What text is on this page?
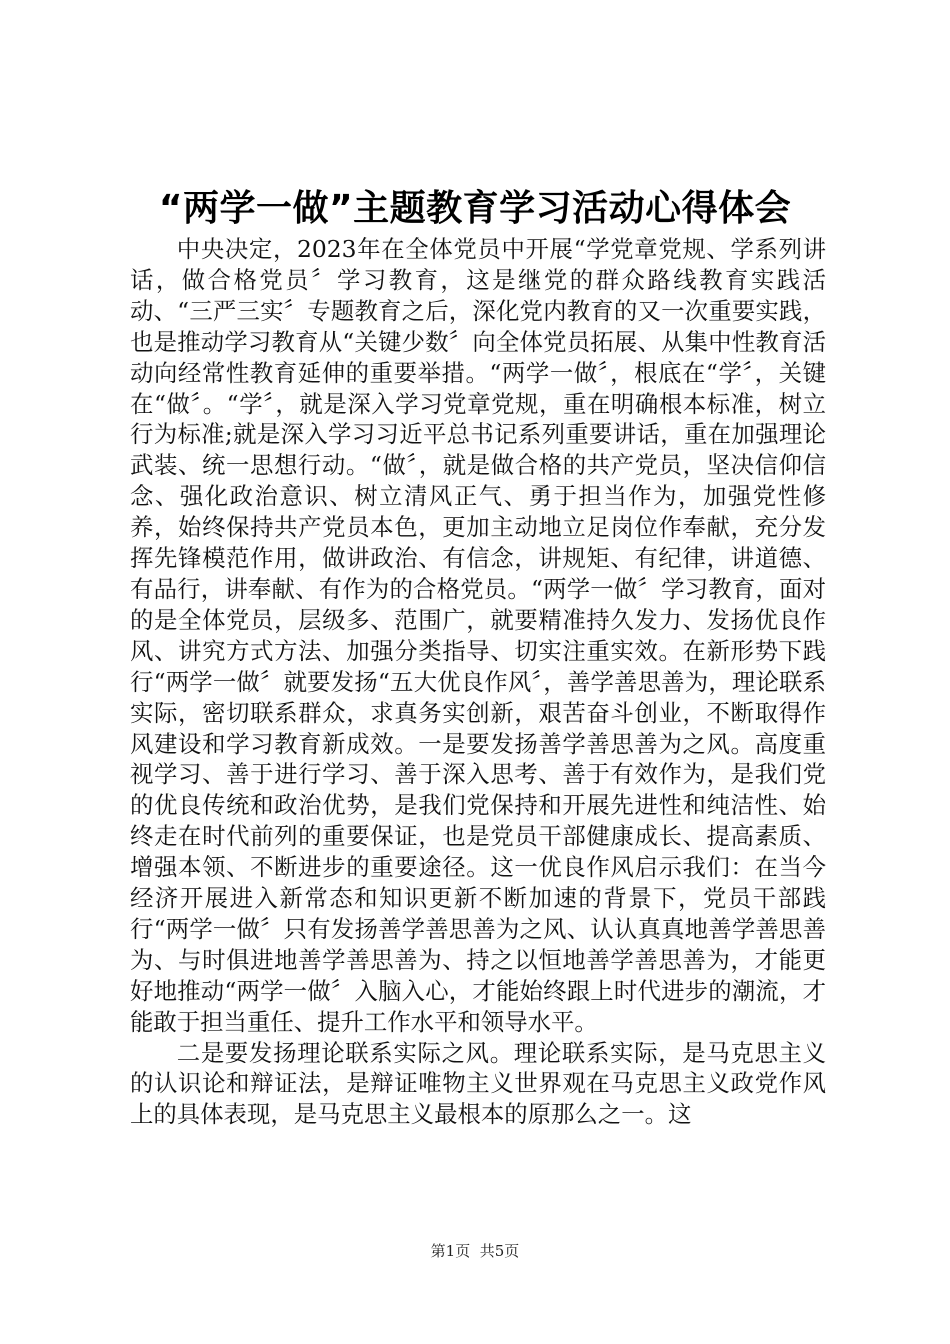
“两学一做”主题教育学习活动心得体会

中央决定，2023年在全体党员中开展“学党章党规、学系列讲话，做合格党员〞学习教育，这是继党的群众路线教育实践活动、“三严三实〞专题教育之后，深化党内教育的又一次重要实践，也是推动学习教育从“关键少数〞向全体党员拓展、从集中性教育活动向经常性教育延伸的重要举措。“两学一做〞，根底在“学〞，关键在“做〞。“学〞，就是深入学习党章党规，重在明确根本标准，树立行为标准;就是深入学习习近平总书记系列重要讲话，重在加强理论武装、统一思想行动。“做〞，就是做合格的共产党员，坚决信仰信念、强化政治意识、树立清风正气、勇于担当作为，加强党性修养，始终保持共产党员本色，更加主动地立足岗位作奉献，充分发挥先锋模范作用，做讲政治、有信念，讲规矩、有纪律，讲道德、有品行，讲奉献、有作为的合格党员。“两学一做〞学习教育，面对的是全体党员，层级多、范围广，就要精准持久发力、发扬优良作风、讲究方式方法、加强分类指导、切实注重实效。在新形势下践行“两学一做〞就要发扬“五大优良作风〞，善学善思善为，理论联系实际，密切联系群众，求真务实创新，艰苦奋斗创业，不断取得作风建设和学习教育新成效。一是要发扬善学善思善为之风。高度重视学习、善于进行学习、善于深入思考、善于有效作为，是我们党的优良传统和政治优势，是我们党保持和开展先进性和纯洁性、始终走在时代前列的重要保证，也是党员干部健康成长、提高素质、增强本领、不断进步的重要途径。这一优良作风启示我们：在当今经济开展进入新常态和知识更新不断加速的背景下，党员干部践行“两学一做〞只有发扬善学善思善为之风、认认真真地善学善思善为、与时俱进地善学善思善为、持之以恒地善学善思善为，才能更好地推动“两学一做〞入脑入心，才能始终跟上时代进步的潮流，才能敢于担当重任、提升工作水平和领导水平。

二是要发扬理论联系实际之风。理论联系实际，是马克思主义的认识论和辩证法，是辩证唯物主义世界观在马克思主义政党作风上的具体表现，是马克思主义最根本的原那么之一。这

第1页 共5页
